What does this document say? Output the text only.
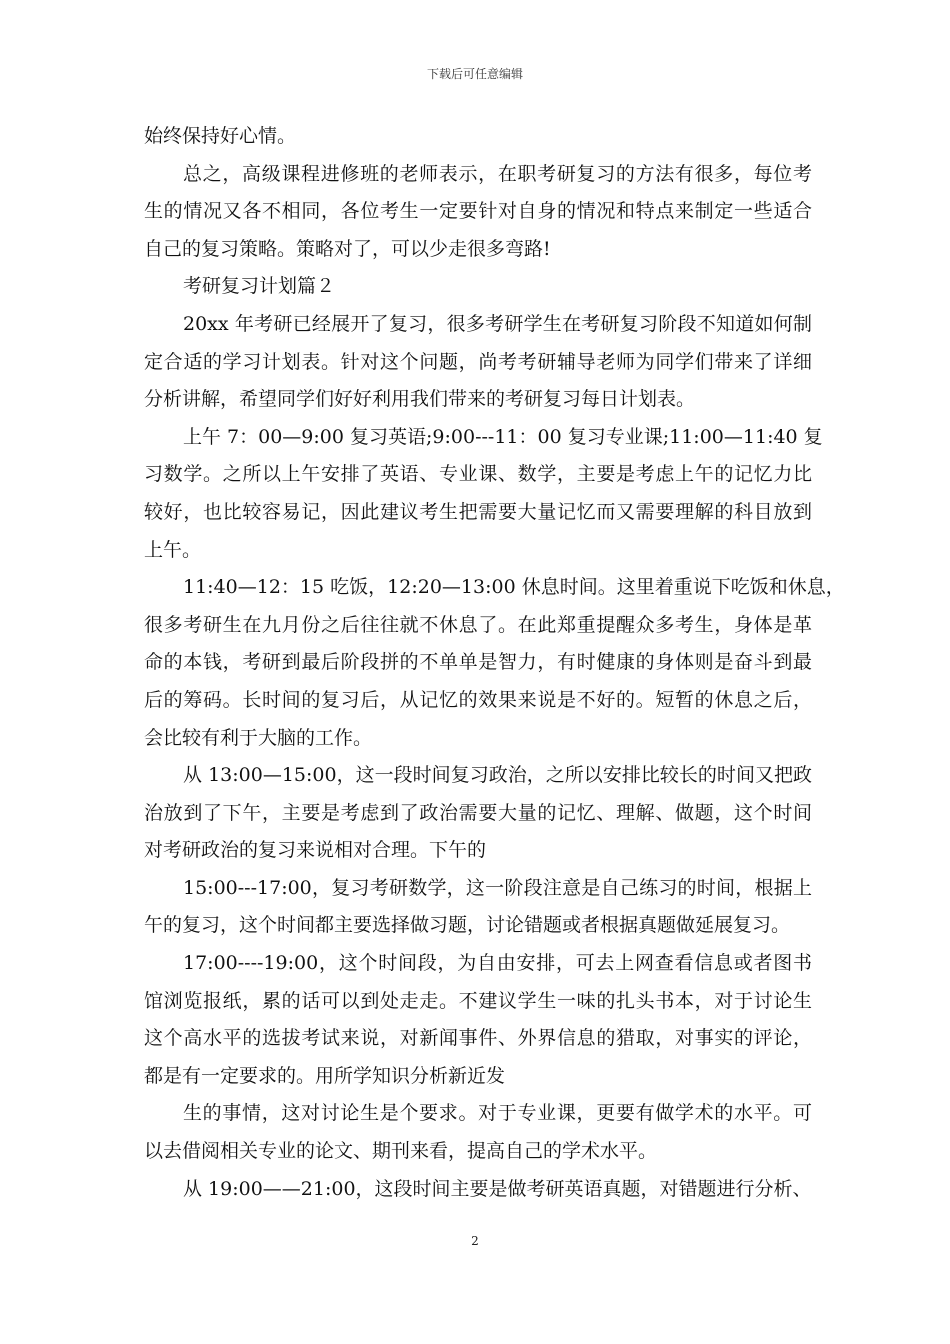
下载后可任意编辑
始终保持好心情。
总之，高级课程进修班的老师表示，在职考研复习的方法有很多，每位考
生的情况又各不相同，各位考生一定要针对自身的情况和特点来制定一些适合
自己的复习策略。策略对了，可以少走很多弯路!
考研复习计划篇２
20xx 年考研已经展开了复习，很多考研学生在考研复习阶段不知道如何制
定合适的学习计划表。针对这个问题，尚考考研辅导老师为同学们带来了详细
分析讲解，希望同学们好好利用我们带来的考研复习每日计划表。
上午 7：00—9:00 复习英语;9:00---11：00 复习专业课;11:00—11:40 复
习数学。之所以上午安排了英语、专业课、数学，主要是考虑上午的记忆力比
较好，也比较容易记，因此建议考生把需要大量记忆而又需要理解的科目放到
上午。
11:40—12：15 吃饭，12:20—13:00 休息时间。这里着重说下吃饭和休息，
很多考研生在九月份之后往往就不休息了。在此郑重提醒众多考生，身体是革
命的本钱，考研到最后阶段拼的不单单是智力，有时健康的身体则是奋斗到最
后的筹码。长时间的复习后，从记忆的效果来说是不好的。短暂的休息之后，
会比较有利于大脑的工作。
从 13:00—15:00，这一段时间复习政治，之所以安排比较长的时间又把政
治放到了下午，主要是考虑到了政治需要大量的记忆、理解、做题，这个时间
对考研政治的复习来说相对合理。下午的
15:00---17:00，复习考研数学，这一阶段注意是自己练习的时间，根据上
午的复习，这个时间都主要选择做习题，讨论错题或者根据真题做延展复习。
17:00----19:00，这个时间段，为自由安排，可去上网查看信息或者图书
馆浏览报纸，累的话可以到处走走。不建议学生一味的扎头书本，对于讨论生
这个高水平的选拔考试来说，对新闻事件、外界信息的猎取，对事实的评论，
都是有一定要求的。用所学知识分析新近发
生的事情，这对讨论生是个要求。对于专业课，更要有做学术的水平。可
以去借阅相关专业的论文、期刊来看，提高自己的学术水平。
从 19:00——21:00，这段时间主要是做考研英语真题，对错题进行分析、
2
